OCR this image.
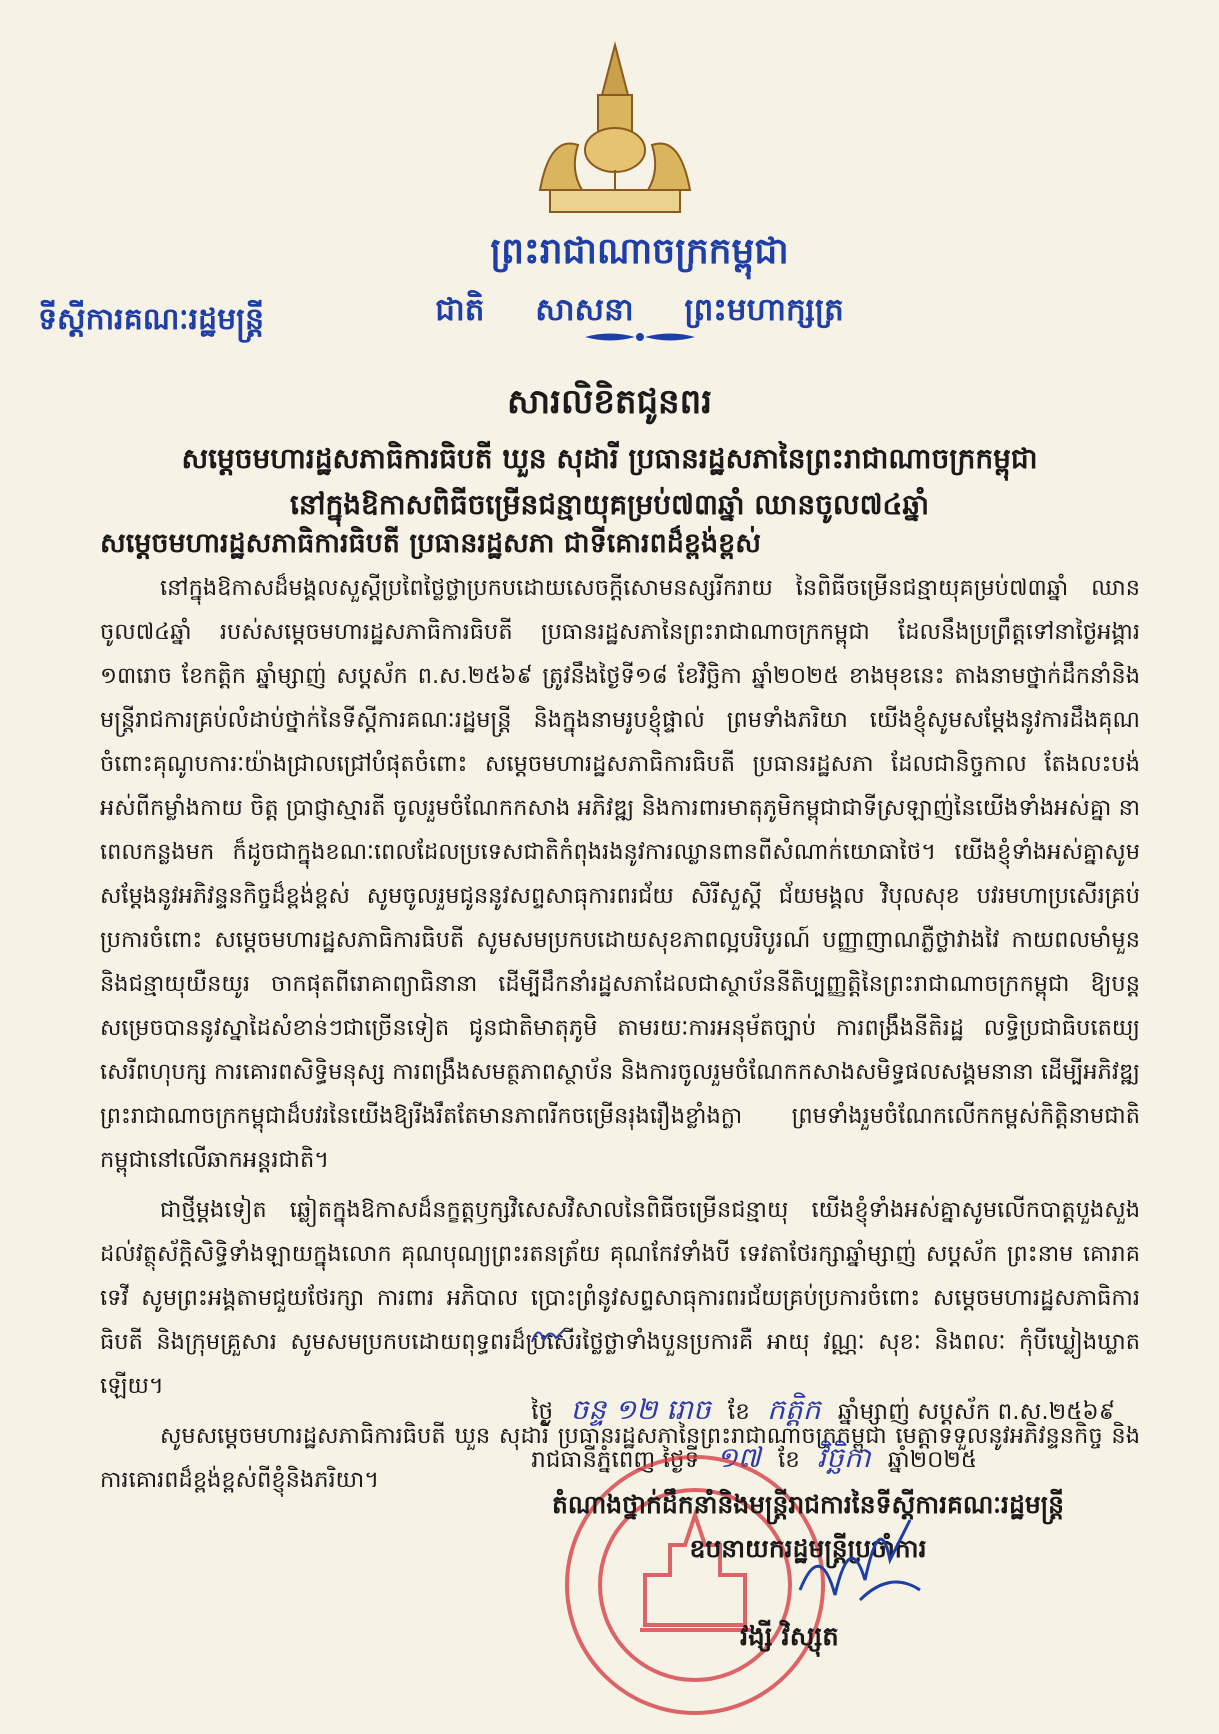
ព្រះរាជាណាចក្រកម្ពុជា
ជាតិ សាសនា ព្រះមហាក្សត្រ
ទីស្ដីការគណៈរដ្ឋមន្ត្រី
សារលិខិតជូនពរ
សម្ដេចមហារដ្ឋសភាធិការធិបតី ឃួន សុដារី ប្រធានរដ្ឋសភានៃព្រះរាជាណាចក្រកម្ពុជា
នៅក្នុងឱកាសពិធីចម្រើនជន្មាយុគម្រប់៧៣ឆ្នាំ ឈានចូល៧៤ឆ្នាំ
សម្ដេចមហារដ្ឋសភាធិការធិបតី ប្រធានរដ្ឋសភា ជាទីគោរពដ៏ខ្ពង់ខ្ពស់

នៅក្នុងឱកាសដ៏មង្គលសួស្ដីប្រពៃថ្លៃថ្លាប្រកបដោយសេចក្ដីសោមនស្សរីករាយ នៃពិធីចម្រើនជន្មាយុគម្រប់៧៣ឆ្នាំ ឈានចូល៧៤ឆ្នាំ របស់សម្ដេចមហារដ្ឋសភាធិការធិបតី ប្រធានរដ្ឋសភានៃព្រះរាជាណាចក្រកម្ពុជា ដែលនឹងប្រព្រឹត្តទៅនាថ្ងៃអង្គារ ១៣រោច ខែកត្ដិក ឆ្នាំម្សាញ់ សប្ដស័ក ព.ស.២៥៦៩ ត្រូវនឹងថ្ងៃទី១៨ ខែវិច្ឆិកា ឆ្នាំ២០២៥ ខាងមុខនេះ តាងនាមថ្នាក់ដឹកនាំនិងមន្ត្រីរាជការគ្រប់លំដាប់ថ្នាក់នៃទីស្ដីការគណៈរដ្ឋមន្ត្រី និងក្នុងនាមរូបខ្ញុំផ្ទាល់ ព្រមទាំងភរិយា យើងខ្ញុំសូមសម្ដែងនូវការដឹងគុណចំពោះគុណូបការៈយ៉ាងជ្រាលជ្រៅបំផុតចំពោះ សម្ដេចមហារដ្ឋសភាធិការធិបតី ប្រធានរដ្ឋសភា ដែលជានិច្ចកាល តែងលះបង់អស់ពីកម្លាំងកាយ ចិត្ត ប្រាជ្ញាស្មារតី ចូលរួមចំណែកកសាង អភិវឌ្ឍ និងការពារមាតុភូមិកម្ពុជាជាទីស្រឡាញ់នៃយើងទាំងអស់គ្នា នាពេលកន្លងមក ក៏ដូចជាក្នុងខណៈពេលដែលប្រទេសជាតិកំពុងរងនូវការឈ្លានពានពីសំណាក់យោធាថៃ។ យើងខ្ញុំទាំងអស់គ្នាសូមសម្ដែងនូវអភិវន្ទនកិច្ចដ៏ខ្ពង់ខ្ពស់ សូមចូលរួមជូននូវសព្ទសាធុការពរជ័យ សិរីសួស្ដី ជ័យមង្គល វិបុលសុខ បវរមហាប្រសើរគ្រប់ប្រការចំពោះ សម្ដេចមហារដ្ឋសភាធិការធិបតី សូមសមប្រកបដោយសុខភាពល្អបរិបូរណ៍ បញ្ញាញាណភ្លឺថ្លាវាងវៃ កាយពលមាំមួន និងជន្មាយុយឺនយូរ ចាកផុតពីរោគាព្យាធិនានា ដើម្បីដឹកនាំរដ្ឋសភាដែលជាស្ថាប័ននីតិប្បញ្ញត្តិនៃព្រះរាជាណាចក្រកម្ពុជា ឱ្យបន្តសម្រេចបាននូវស្នាដៃសំខាន់ៗជាច្រើនទៀត ជូនជាតិមាតុភូមិ តាមរយៈការអនុម័តច្បាប់ ការពង្រឹងនីតិរដ្ឋ លទ្ធិប្រជាធិបតេយ្យសេរីពហុបក្ស ការគោរពសិទ្ធិមនុស្ស ការពង្រឹងសមត្ថភាពស្ថាប័ន និងការចូលរួមចំណែកកសាងសមិទ្ធផលសង្គមនានា ដើម្បីអភិវឌ្ឍព្រះរាជាណាចក្រកម្ពុជាដ៏បវរនៃយើងឱ្យរីងរឹតតែមានភាពរីកចម្រើនរុងរឿងខ្លាំងក្លា ព្រមទាំងរួមចំណែកលើកកម្ពស់កិត្តិនាមជាតិកម្ពុជានៅលើឆាកអន្តរជាតិ។

ជាថ្មីម្ដងទៀត ឆ្លៀតក្នុងឱកាសដ៏នក្ខត្តឫក្សវិសេសវិសាលនៃពិធីចម្រើនជន្មាយុ យើងខ្ញុំទាំងអស់គ្នាសូមលើកបាត្តបួងសួងដល់វត្ថុស័ក្តិសិទ្ធិទាំងឡាយក្នុងលោក គុណបុណ្យព្រះរតនត្រ័យ គុណកែវទាំងបី ទេវតាថែរក្សាឆ្នាំម្សាញ់ សប្ដស័ក ព្រះនាម គោរាគទេវី សូមព្រះអង្គតាមជួយថែរក្សា ការពារ អភិបាល ប្រោះព្រំនូវសព្ទសាធុការពរជ័យគ្រប់ប្រការចំពោះ សម្ដេចមហារដ្ឋសភាធិការធិបតី និងក្រុមគ្រួសារ សូមសមប្រកបដោយពុទ្ធពរដ៏ប្រសើរថ្លៃថ្លាទាំងបួនប្រការគឺ អាយុ វណ្ណៈ សុខៈ និងពលៈ កុំបីឃ្លៀងឃ្លាតឡើយ។

សូមសម្ដេចមហារដ្ឋសភាធិការធិបតី ឃួន សុដារី ប្រធានរដ្ឋសភានៃព្រះរាជាណាចក្រកម្ពុជា មេត្តាទទួលនូវអភិវន្ទនកិច្ច និងការគោរពដ៏ខ្ពង់ខ្ពស់ពីខ្ញុំនិងភរិយា។

ថ្ងៃ ចន្ទ ១២ រោច ខែ កត្ដិក ឆ្នាំម្សាញ់ សប្ដស័ក ព.ស.២៥៦៩
រាជធានីភ្នំពេញ ថ្ងៃទី ១៧ ខែ វិច្ឆិកា ឆ្នាំ២០២៥
តំណាងថ្នាក់ដឹកនាំនិងមន្ត្រីរាជការនៃទីស្ដីការគណៈរដ្ឋមន្ត្រី
ឧបនាយករដ្ឋមន្ត្រីប្រចាំការ
វង្សី វិស្សុត
